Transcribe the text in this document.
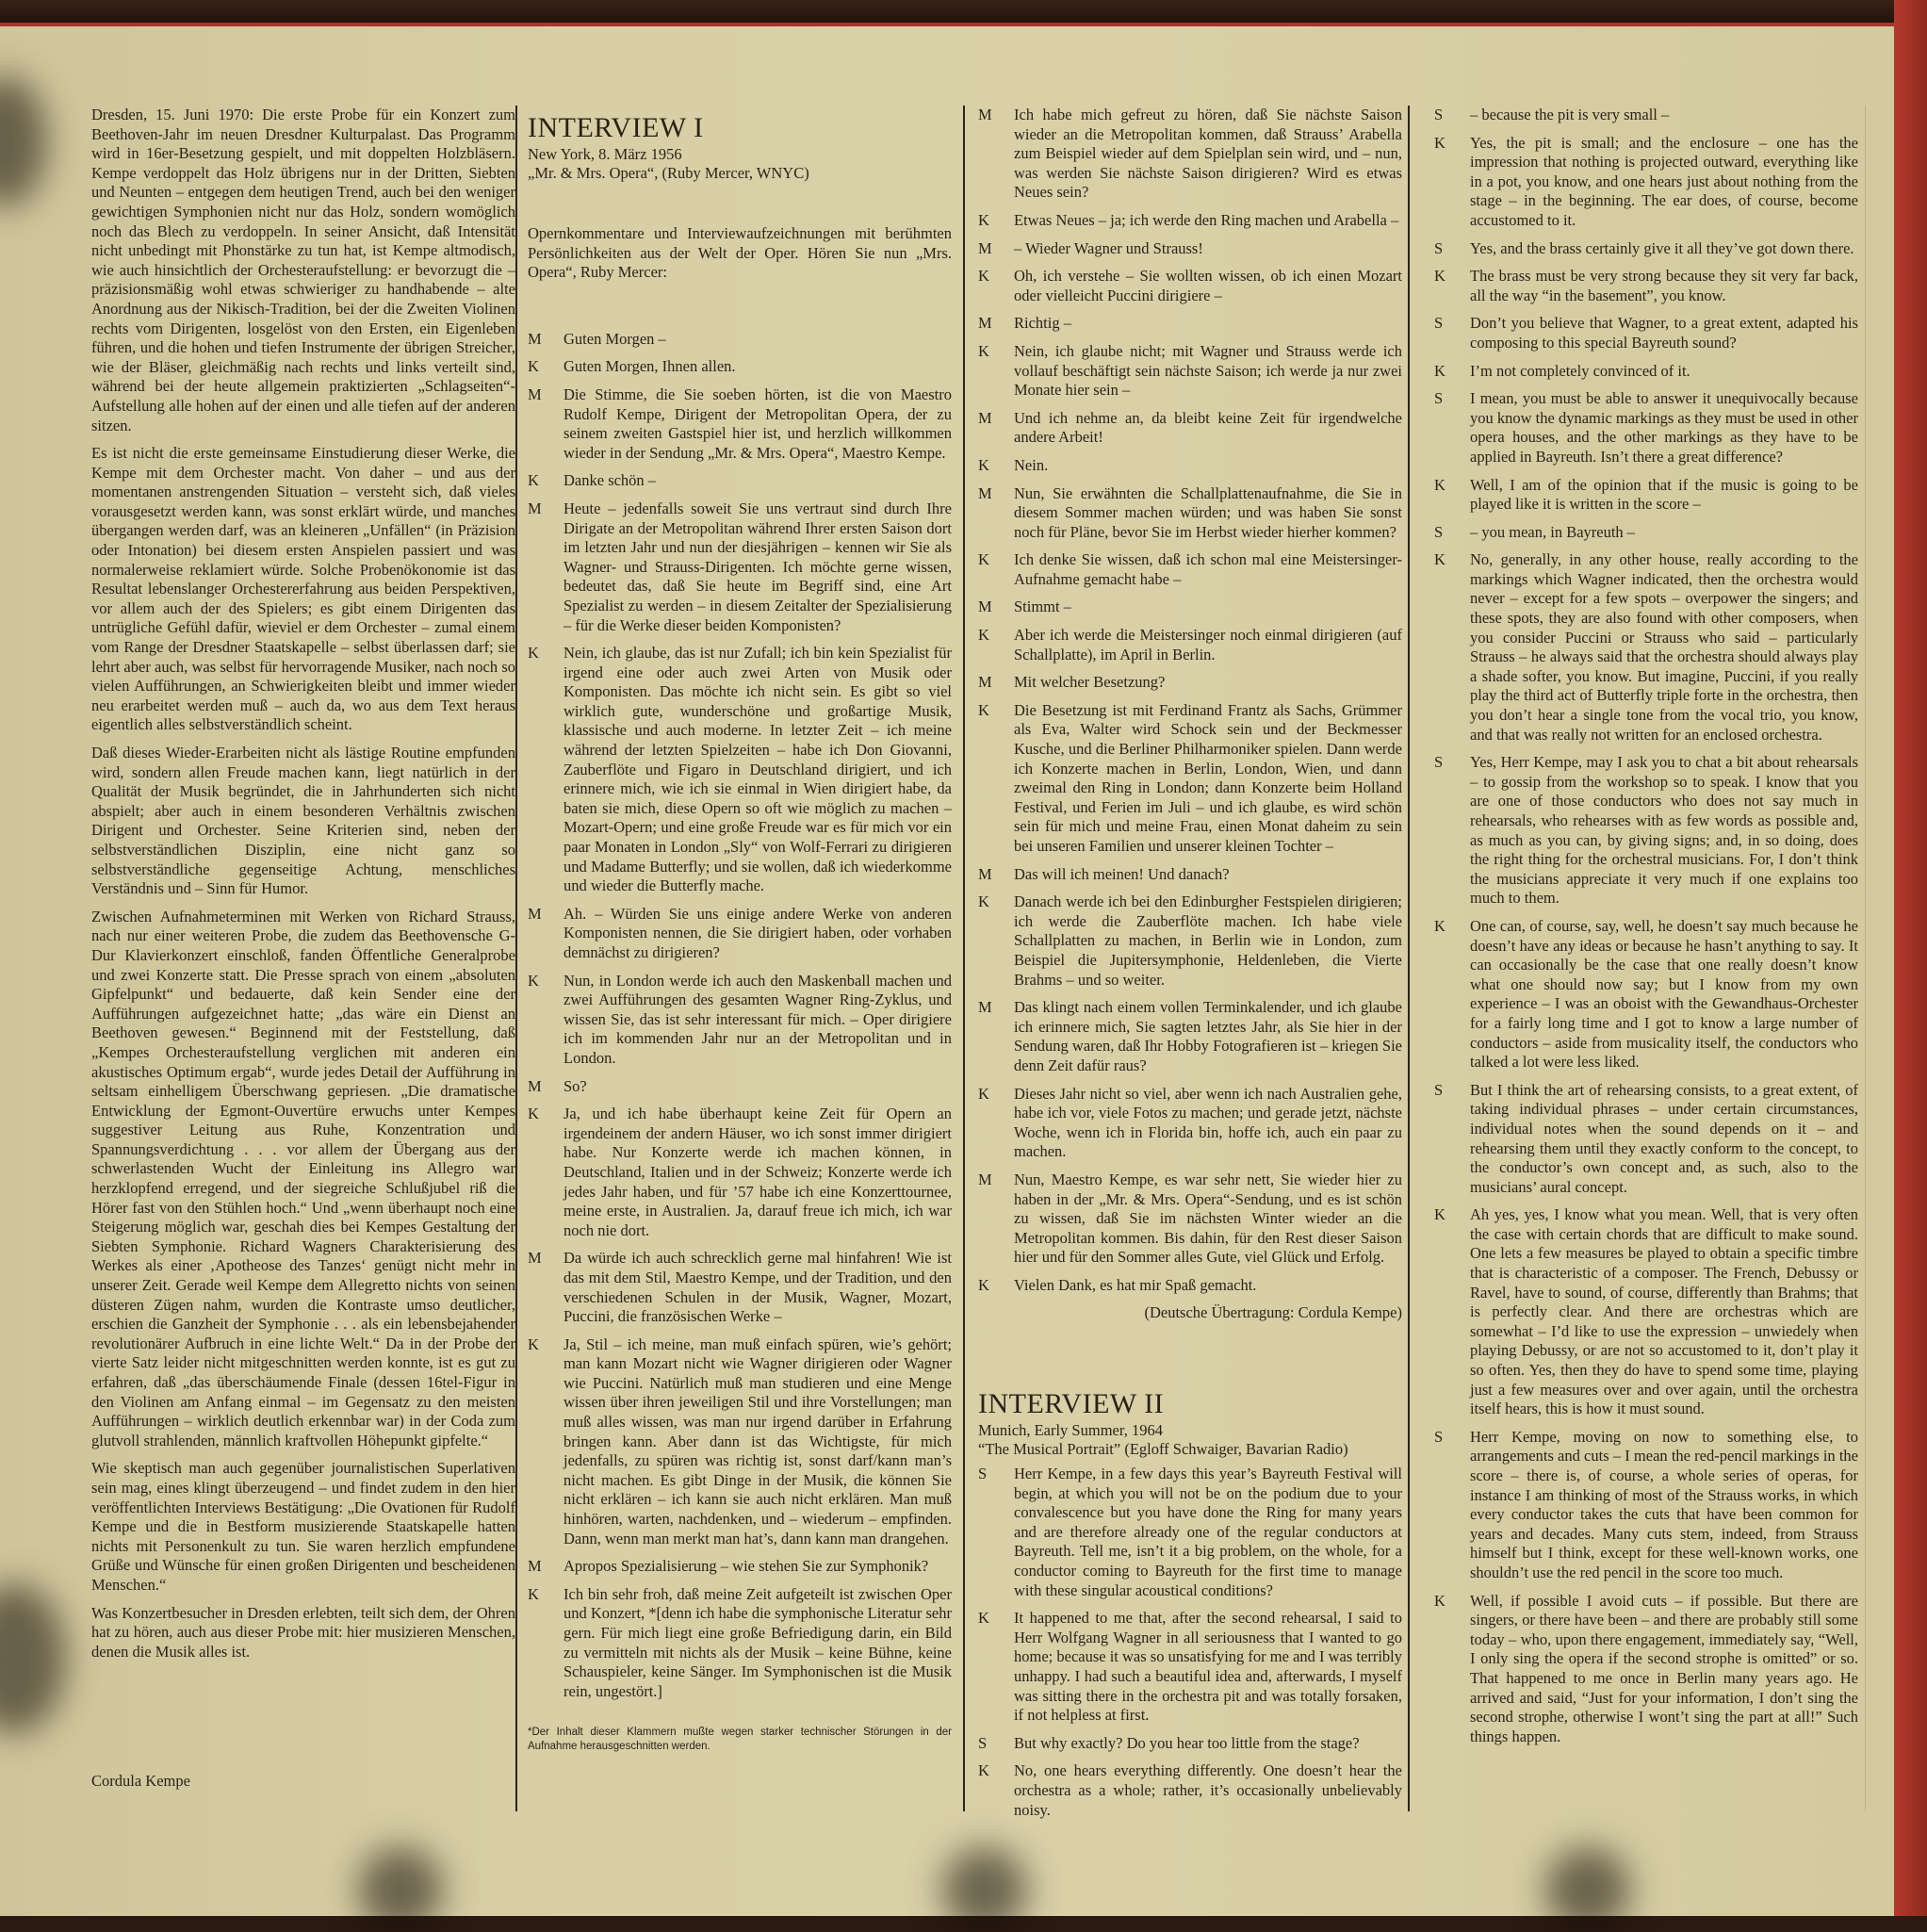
Dresden, 15. Juni 1970: Die erste Probe für ein Konzert zum Beethoven-Jahr im neuen Dresdner Kulturpalast. Das Programm wird in 16er-Besetzung gespielt, und mit doppelten Holzbläsern. Kempe verdoppelt das Holz übrigens nur in der Dritten, Siebten und Neunten – entgegen dem heutigen Trend, auch bei den weniger gewichtigen Symphonien nicht nur das Holz, sondern womöglich noch das Blech zu verdoppeln. In seiner Ansicht, daß Intensität nicht unbedingt mit Phonstärke zu tun hat, ist Kempe altmodisch, wie auch hinsichtlich der Orchesteraufstellung: er bevorzugt die – präzisionsmäßig wohl etwas schwieriger zu handhabende – alte Anordnung aus der Nikisch-Tradition, bei der die Zweiten Violinen rechts vom Dirigenten, losgelöst von den Ersten, ein Eigenleben führen, und die hohen und tiefen Instrumente der übrigen Streicher, wie der Bläser, gleichmäßig nach rechts und links verteilt sind, während bei der heute allgemein praktizierten „Schlagseiten“-Aufstellung alle hohen auf der einen und alle tiefen auf der anderen sitzen.

Es ist nicht die erste gemeinsame Einstudierung dieser Werke, die Kempe mit dem Orchester macht. Von daher – und aus der momentanen anstrengenden Situation – versteht sich, daß vieles vorausgesetzt werden kann, was sonst erklärt würde, und manches übergangen werden darf, was an kleineren „Unfällen“ (in Präzision oder Intonation) bei diesem ersten Anspielen passiert und was normalerweise reklamiert würde. Solche Probenökonomie ist das Resultat lebenslanger Orchestererfahrung aus beiden Perspektiven, vor allem auch der des Spielers; es gibt einem Dirigenten das untrügliche Gefühl dafür, wieviel er dem Orchester – zumal einem vom Range der Dresdner Staatskapelle – selbst überlassen darf; sie lehrt aber auch, was selbst für hervorragende Musiker, nach noch so vielen Aufführungen, an Schwierigkeiten bleibt und immer wieder neu erarbeitet werden muß – auch da, wo aus dem Text heraus eigentlich alles selbstverständlich scheint.

Daß dieses Wieder-Erarbeiten nicht als lästige Routine empfunden wird, sondern allen Freude machen kann, liegt natürlich in der Qualität der Musik begründet, die in Jahrhunderten sich nicht abspielt; aber auch in einem besonderen Verhältnis zwischen Dirigent und Orchester. Seine Kriterien sind, neben der selbstverständlichen Disziplin, eine nicht ganz so selbstverständliche gegenseitige Achtung, menschliches Verständnis und – Sinn für Humor.

Zwischen Aufnahmeterminen mit Werken von Richard Strauss, nach nur einer weiteren Probe, die zudem das Beethovensche G-Dur Klavierkonzert einschloß, fanden Öffentliche Generalprobe und zwei Konzerte statt. Die Presse sprach von einem „absoluten Gipfelpunkt“ und bedauerte, daß kein Sender eine der Aufführungen aufgezeichnet hatte; „das wäre ein Dienst an Beethoven gewesen.“ Beginnend mit der Feststellung, daß „Kempes Orchesteraufstellung verglichen mit anderen ein akustisches Optimum ergab“, wurde jedes Detail der Aufführung in seltsam einhelligem Überschwang gepriesen. „Die dramatische Entwicklung der Egmont-Ouvertüre erwuchs unter Kempes suggestiver Leitung aus Ruhe, Konzentration und Spannungsverdichtung . . . vor allem der Übergang aus der schwerlastenden Wucht der Einleitung ins Allegro war herzklopfend erregend, und der siegreiche Schlußjubel riß die Hörer fast von den Stühlen hoch.“ Und „wenn überhaupt noch eine Steigerung möglich war, geschah dies bei Kempes Gestaltung der Siebten Symphonie. Richard Wagners Charakterisierung des Werkes als einer ‚Apotheose des Tanzes‘ genügt nicht mehr in unserer Zeit. Gerade weil Kempe dem Allegretto nichts von seinen düsteren Zügen nahm, wurden die Kontraste umso deutlicher, erschien die Ganzheit der Symphonie . . . als ein lebensbejahender revolutionärer Aufbruch in eine lichte Welt.“ Da in der Probe der vierte Satz leider nicht mitgeschnitten werden konnte, ist es gut zu erfahren, daß „das überschäumende Finale (dessen 16tel-Figur in den Violinen am Anfang einmal – im Gegensatz zu den meisten Aufführungen – wirklich deutlich erkennbar war) in der Coda zum glutvoll strahlenden, männlich kraftvollen Höhepunkt gipfelte.“

Wie skeptisch man auch gegenüber journalistischen Superlativen sein mag, eines klingt überzeugend – und findet zudem in den hier veröffentlichten Interviews Bestätigung: „Die Ovationen für Rudolf Kempe und die in Bestform musizierende Staatskapelle hatten nichts mit Personenkult zu tun. Sie waren herzlich empfundene Grüße und Wünsche für einen großen Dirigenten und bescheidenen Menschen.“

Was Konzertbesucher in Dresden erlebten, teilt sich dem, der Ohren hat zu hören, auch aus dieser Probe mit: hier musizieren Menschen, denen die Musik alles ist.

Cordula Kempe
INTERVIEW I

New York, 8. März 1956

„Mr. & Mrs. Opera“, (Ruby Mercer, WNYC)

Opernkommentare und Interviewaufzeichnungen mit berühmten Persönlichkeiten aus der Welt der Oper. Hören Sie nun „Mrs. Opera“, Ruby Mercer:

M	Guten Morgen –
K	Guten Morgen, Ihnen allen.
M	Die Stimme, die Sie soeben hörten, ist die von Maestro Rudolf Kempe, Dirigent der Metropolitan Opera, der zu seinem zweiten Gastspiel hier ist, und herzlich willkommen wieder in der Sendung „Mr. & Mrs. Opera“, Maestro Kempe.
K	Danke schön –
M	Heute – jedenfalls soweit Sie uns vertraut sind durch Ihre Dirigate an der Metropolitan während Ihrer ersten Saison dort im letzten Jahr und nun der diesjährigen – kennen wir Sie als Wagner- und Strauss-Dirigenten. Ich möchte gerne wissen, bedeutet das, daß Sie heute im Begriff sind, eine Art Spezialist zu werden – in diesem Zeitalter der Spezialisierung – für die Werke dieser beiden Komponisten?
K	Nein, ich glaube, das ist nur Zufall; ich bin kein Spezialist für irgend eine oder auch zwei Arten von Musik oder Komponisten. Das möchte ich nicht sein. Es gibt so viel wirklich gute, wunderschöne und großartige Musik, klassische und auch moderne. In letzter Zeit – ich meine während der letzten Spielzeiten – habe ich Don Giovanni, Zauberflöte und Figaro in Deutschland dirigiert, und ich erinnere mich, wie ich sie einmal in Wien dirigiert habe, da baten sie mich, diese Opern so oft wie möglich zu machen – Mozart-Opern; und eine große Freude war es für mich vor ein paar Monaten in London „Sly“ von Wolf-Ferrari zu dirigieren und Madame Butterfly; und sie wollen, daß ich wiederkomme und wieder die Butterfly mache.
M	Ah. – Würden Sie uns einige andere Werke von anderen Komponisten nennen, die Sie dirigiert haben, oder vorhaben demnächst zu dirigieren?
K	Nun, in London werde ich auch den Maskenball machen und zwei Aufführungen des gesamten Wagner Ring-Zyklus, und wissen Sie, das ist sehr interessant für mich. – Oper dirigiere ich im kommenden Jahr nur an der Metropolitan und in London.
M	So?
K	Ja, und ich habe überhaupt keine Zeit für Opern an irgendeinem der andern Häuser, wo ich sonst immer dirigiert habe. Nur Konzerte werde ich machen können, in Deutschland, Italien und in der Schweiz; Konzerte werde ich jedes Jahr haben, und für ’57 habe ich eine Konzerttournee, meine erste, in Australien. Ja, darauf freue ich mich, ich war noch nie dort.
M	Da würde ich auch schrecklich gerne mal hinfahren! Wie ist das mit dem Stil, Maestro Kempe, und der Tradition, und den verschiedenen Schulen in der Musik, Wagner, Mozart, Puccini, die französischen Werke –
K	Ja, Stil – ich meine, man muß einfach spüren, wie’s gehört; man kann Mozart nicht wie Wagner dirigieren oder Wagner wie Puccini. Natürlich muß man studieren und eine Menge wissen über ihren jeweiligen Stil und ihre Vorstellungen; man muß alles wissen, was man nur irgend darüber in Erfahrung bringen kann. Aber dann ist das Wichtigste, für mich jedenfalls, zu spüren was richtig ist, sonst darf/kann man’s nicht machen. Es gibt Dinge in der Musik, die können Sie nicht erklären – ich kann sie auch nicht erklären. Man muß hinhören, warten, nachdenken, und – wiederum – empfinden. Dann, wenn man merkt man hat’s, dann kann man drangehen.
M	Apropos Spezialisierung – wie stehen Sie zur Symphonik?
K	Ich bin sehr froh, daß meine Zeit aufgeteilt ist zwischen Oper und Konzert, *[denn ich habe die symphonische Literatur sehr gern. Für mich liegt eine große Befriedigung darin, ein Bild zu vermitteln mit nichts als der Musik – keine Bühne, keine Schauspieler, keine Sänger. Im Symphonischen ist die Musik rein, ungestört.]
*Der Inhalt dieser Klammern mußte wegen starker technischer Störungen in der Aufnahme herausgeschnitten werden.
M	Ich habe mich gefreut zu hören, daß Sie nächste Saison wieder an die Metropolitan kommen, daß Strauss’ Arabella zum Beispiel wieder auf dem Spielplan sein wird, und – nun, was werden Sie nächste Saison dirigieren? Wird es etwas Neues sein?
K	Etwas Neues – ja; ich werde den Ring machen und Arabella –
M	– Wieder Wagner und Strauss!
K	Oh, ich verstehe – Sie wollten wissen, ob ich einen Mozart oder vielleicht Puccini dirigiere –
M	Richtig –
K	Nein, ich glaube nicht; mit Wagner und Strauss werde ich vollauf beschäftigt sein nächste Saison; ich werde ja nur zwei Monate hier sein –
M	Und ich nehme an, da bleibt keine Zeit für irgendwelche andere Arbeit!
K	Nein.
M	Nun, Sie erwähnten die Schallplattenaufnahme, die Sie in diesem Sommer machen würden; und was haben Sie sonst noch für Pläne, bevor Sie im Herbst wieder hierher kommen?
K	Ich denke Sie wissen, daß ich schon mal eine Meistersinger-Aufnahme gemacht habe –
M	Stimmt –
K	Aber ich werde die Meistersinger noch einmal dirigieren (auf Schallplatte), im April in Berlin.
M	Mit welcher Besetzung?
K	Die Besetzung ist mit Ferdinand Frantz als Sachs, Grümmer als Eva, Walter wird Schock sein und der Beckmesser Kusche, und die Berliner Philharmoniker spielen. Dann werde ich Konzerte machen in Berlin, London, Wien, und dann zweimal den Ring in London; dann Konzerte beim Holland Festival, und Ferien im Juli – und ich glaube, es wird schön sein für mich und meine Frau, einen Monat daheim zu sein bei unseren Familien und unserer kleinen Tochter –
M	Das will ich meinen! Und danach?
K	Danach werde ich bei den Edinburgher Festspielen dirigieren; ich werde die Zauberflöte machen. Ich habe viele Schallplatten zu machen, in Berlin wie in London, zum Beispiel die Jupitersymphonie, Heldenleben, die Vierte Brahms – und so weiter.
M	Das klingt nach einem vollen Terminkalender, und ich glaube ich erinnere mich, Sie sagten letztes Jahr, als Sie hier in der Sendung waren, daß Ihr Hobby Fotografieren ist – kriegen Sie denn Zeit dafür raus?
K	Dieses Jahr nicht so viel, aber wenn ich nach Australien gehe, habe ich vor, viele Fotos zu machen; und gerade jetzt, nächste Woche, wenn ich in Florida bin, hoffe ich, auch ein paar zu machen.
M	Nun, Maestro Kempe, es war sehr nett, Sie wieder hier zu haben in der „Mr. & Mrs. Opera“-Sendung, und es ist schön zu wissen, daß Sie im nächsten Winter wieder an die Metropolitan kommen. Bis dahin, für den Rest dieser Saison hier und für den Sommer alles Gute, viel Glück und Erfolg.
K	Vielen Dank, es hat mir Spaß gemacht.

(Deutsche Übertragung: Cordula Kempe)

INTERVIEW II

Munich, Early Summer, 1964

“The Musical Portrait” (Egloff Schwaiger, Bavarian Radio)

S	Herr Kempe, in a few days this year’s Bayreuth Festival will begin, at which you will not be on the podium due to your convalescence but you have done the Ring for many years and are therefore already one of the regular conductors at Bayreuth. Tell me, isn’t it a big problem, on the whole, for a conductor coming to Bayreuth for the first time to manage with these singular acoustical conditions?
K	It happened to me that, after the second rehearsal, I said to Herr Wolfgang Wagner in all seriousness that I wanted to go home; because it was so unsatisfying for me and I was terribly unhappy. I had such a beautiful idea and, afterwards, I myself was sitting there in the orchestra pit and was totally forsaken, if not helpless at first.
S	But why exactly? Do you hear too little from the stage?
K	No, one hears everything differently. One doesn’t hear the orchestra as a whole; rather, it’s occasionally unbelievably noisy.
S	– because the pit is very small –
K	Yes, the pit is small; and the enclosure – one has the impression that nothing is projected outward, everything like in a pot, you know, and one hears just about nothing from the stage – in the beginning. The ear does, of course, become accustomed to it.
S	Yes, and the brass certainly give it all they’ve got down there.
K	The brass must be very strong because they sit very far back, all the way “in the basement”, you know.
S	Don’t you believe that Wagner, to a great extent, adapted his composing to this special Bayreuth sound?
K	I’m not completely convinced of it.
S	I mean, you must be able to answer it unequivocally because you know the dynamic markings as they must be used in other opera houses, and the other markings as they have to be applied in Bayreuth. Isn’t there a great difference?
K	Well, I am of the opinion that if the music is going to be played like it is written in the score –
S	– you mean, in Bayreuth –
K	No, generally, in any other house, really according to the markings which Wagner indicated, then the orchestra would never – except for a few spots – overpower the singers; and these spots, they are also found with other composers, when you consider Puccini or Strauss who said – particularly Strauss – he always said that the orchestra should always play a shade softer, you know. But imagine, Puccini, if you really play the third act of Butterfly triple forte in the orchestra, then you don’t hear a single tone from the vocal trio, you know, and that was really not written for an enclosed orchestra.
S	Yes, Herr Kempe, may I ask you to chat a bit about rehearsals – to gossip from the workshop so to speak. I know that you are one of those conductors who does not say much in rehearsals, who rehearses with as few words as possible and, as much as you can, by giving signs; and, in so doing, does the right thing for the orchestral musicians. For, I don’t think the musicians appreciate it very much if one explains too much to them.
K	One can, of course, say, well, he doesn’t say much because he doesn’t have any ideas or because he hasn’t anything to say. It can occasionally be the case that one really doesn’t know what one should now say; but I know from my own experience – I was an oboist with the Gewandhaus-Orchester for a fairly long time and I got to know a large number of conductors – aside from musicality itself, the conductors who talked a lot were less liked.
S	But I think the art of rehearsing consists, to a great extent, of taking individual phrases – under certain circumstances, individual notes when the sound depends on it – and rehearsing them until they exactly conform to the concept, to the conductor’s own concept and, as such, also to the musicians’ aural concept.
K	Ah yes, yes, I know what you mean. Well, that is very often the case with certain chords that are difficult to make sound. One lets a few measures be played to obtain a specific timbre that is characteristic of a composer. The French, Debussy or Ravel, have to sound, of course, differently than Brahms; that is perfectly clear. And there are orchestras which are somewhat – I’d like to use the expression – unwiedely when playing Debussy, or are not so accustomed to it, don’t play it so often. Yes, then they do have to spend some time, playing just a few measures over and over again, until the orchestra itself hears, this is how it must sound.
S	Herr Kempe, moving on now to something else, to arrangements and cuts – I mean the red-pencil markings in the score – there is, of course, a whole series of operas, for instance I am thinking of most of the Strauss works, in which every conductor takes the cuts that have been common for years and decades. Many cuts stem, indeed, from Strauss himself but I think, except for these well-known works, one shouldn’t use the red pencil in the score too much.
K	Well, if possible I avoid cuts – if possible. But there are singers, or there have been – and there are probably still some today – who, upon there engagement, immediately say, “Well, I only sing the opera if the second strophe is omitted” or so. That happened to me once in Berlin many years ago. He arrived and said, “Just for your information, I don’t sing the second strophe, otherwise I wont’t sing the part at all!” Such things happen.
